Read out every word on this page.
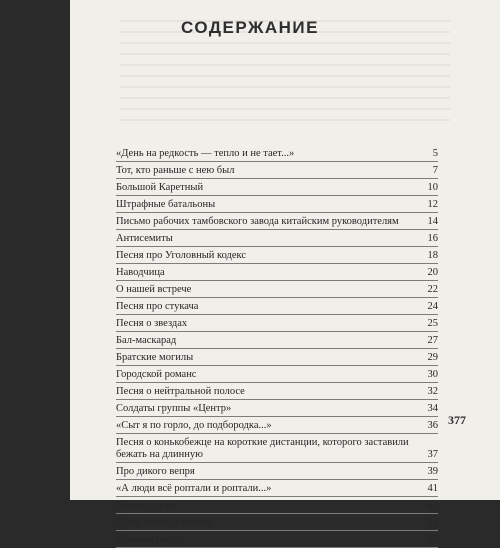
СОДЕРЖАНИЕ
«День на редкость — тепло и не тает...»	5
Тот, кто раньше с нею был	7
Большой Каретный	10
Штрафные батальоны	12
Письмо рабочих тамбовского завода китайским руководителям	14
Антисемиты	16
Песня про Уголовный кодекс	18
Наводчица	20
О нашей встрече	22
Песня про стукача	24
Песня о звездах	25
Бал-маскарад	27
Братские могилы	29
Городской романс	30
Песня о нейтральной полосе	32
Солдаты группы «Центр»	34
«Сыт я по горло, до подбородка...»	36
Песня о конькобежце на короткие дистанции, которого заставили бежать на длинную	37
Про дикого вепря	39
«А люди всё роптали и роптали...»	41
Песня о друге	42
Здесь вам не равнина	44
Военная песня	46
377
